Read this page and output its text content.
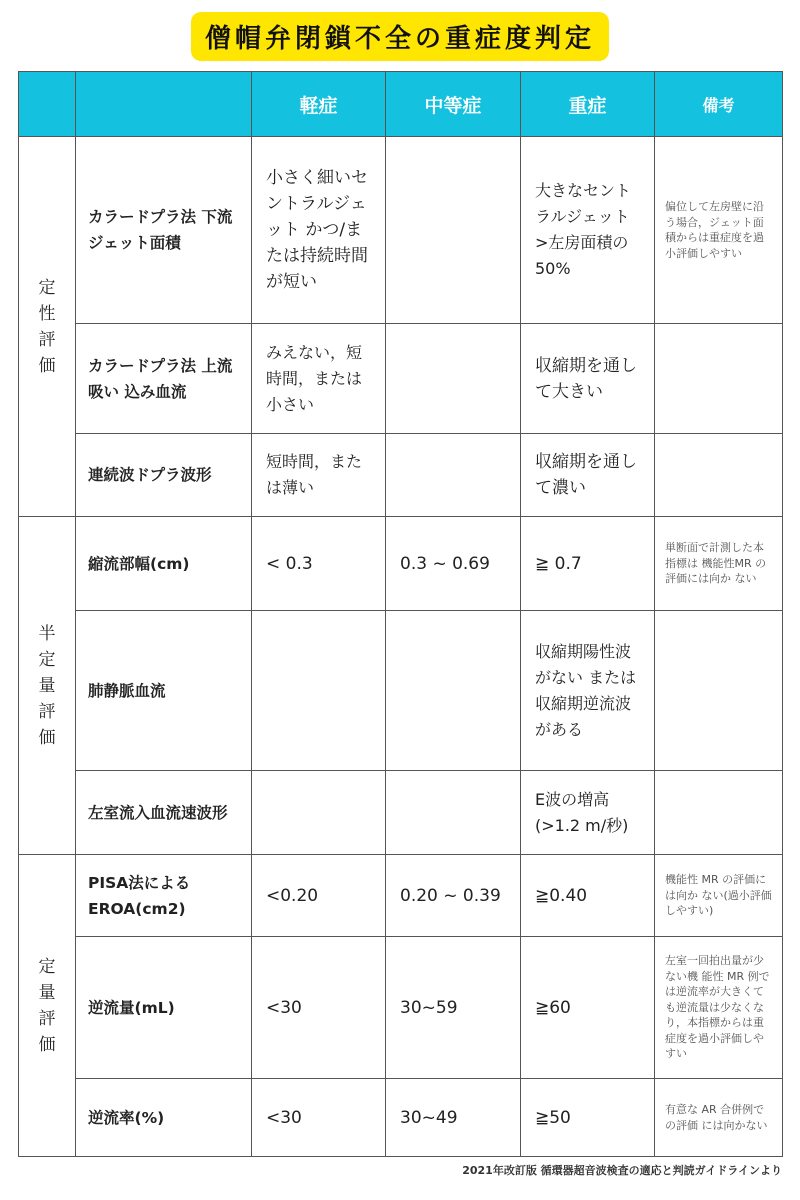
僧帽弁閉鎖不全の重症度判定
		軽症	中等症	重症	備考
定性評価	カラードプラ法 下流ジェット面積	小さく細いセントラルジェット かつ/または持続時間が短い		大きなセントラルジェット >左房面積の50%	偏位して左房壁に沿う場合，ジェット面積からは重症度を過小評価しやすい
	カラードプラ法 上流吸い 込み血流	みえない，短時間，または 小さい		収縮期を通して大きい	
	連続波ドプラ波形	短時間，または薄い		収縮期を通して濃い	
半定量評価	縮流部幅(cm)	< 0.3	0.3 ~ 0.69	≧ 0.7	単断面で計測した本指標は 機能性MR の評価には向か ない
	肺静脈血流			収縮期陽性波がない または 収縮期逆流波がある	
	左室流入血流速波形			E波の増高 (>1.2 m/秒)	
定量評価	PISA法による EROA(cm2)	<0.20	0.20 ~ 0.39	≧0.40	機能性 MR の評価には向か ない(過小評価しやすい)
	逆流量(mL)	<30	30~59	≧60	左室一回拍出量が少ない機 能性 MR 例では逆流率が大きくても逆流量は少なくなり，本指標からは重症度を過小評価しやすい
	逆流率(%)	<30	30~49	≧50	有意な AR 合併例での評価 には向かない
2021年改訂版 循環器超音波検査の適応と判読ガイドラインより
